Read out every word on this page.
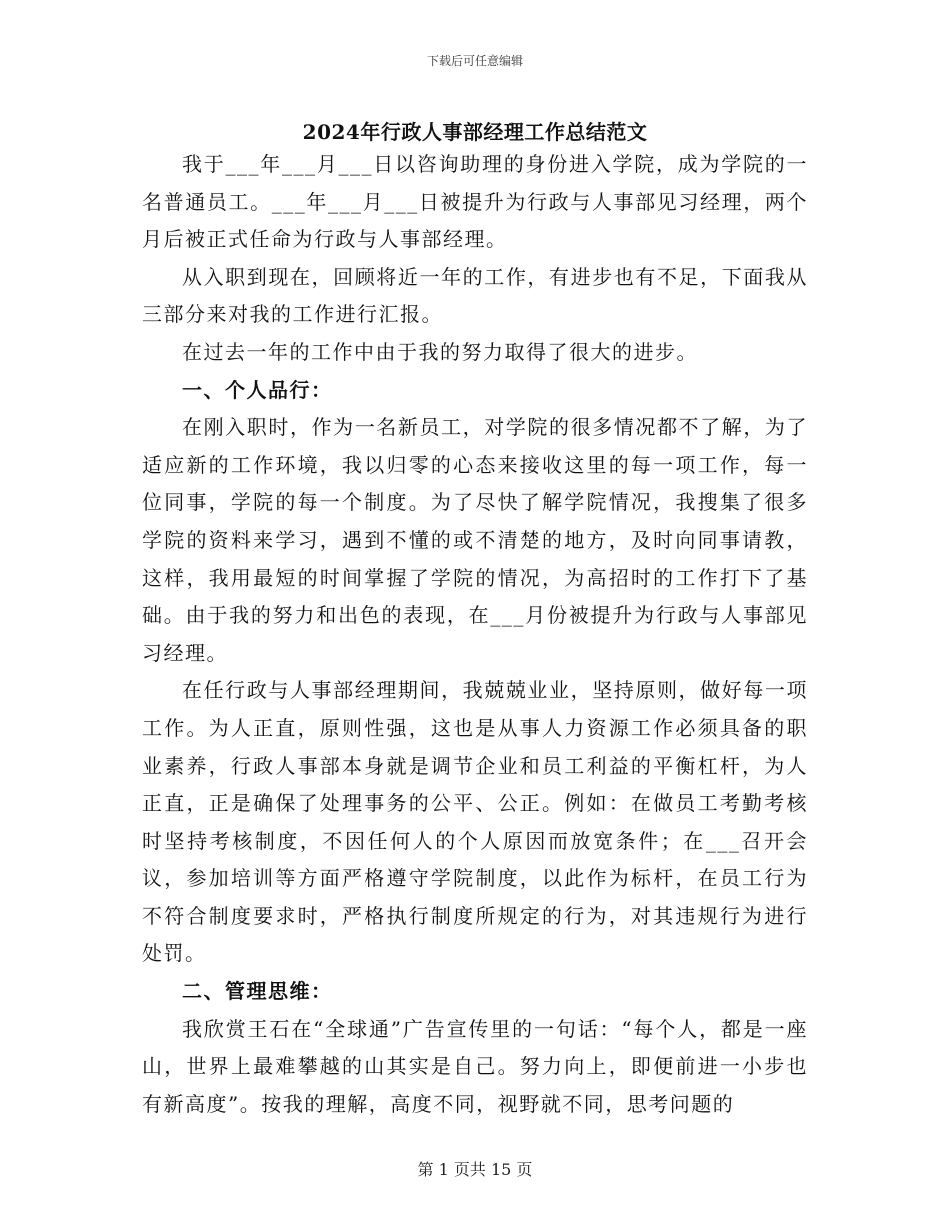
下载后可任意编辑
2024年行政人事部经理工作总结范文

我于___年___月___日以咨询助理的身份进入学院，成为学院的一名普通员工。___年___月___日被提升为行政与人事部见习经理，两个月后被正式任命为行政与人事部经理。

从入职到现在，回顾将近一年的工作，有进步也有不足，下面我从三部分来对我的工作进行汇报。

在过去一年的工作中由于我的努力取得了很大的进步。

一、个人品行：

在刚入职时，作为一名新员工，对学院的很多情况都不了解，为了适应新的工作环境，我以归零的心态来接收这里的每一项工作，每一位同事，学院的每一个制度。为了尽快了解学院情况，我搜集了很多学院的资料来学习，遇到不懂的或不清楚的地方，及时向同事请教，这样，我用最短的时间掌握了学院的情况，为高招时的工作打下了基础。由于我的努力和出色的表现，在___月份被提升为行政与人事部见习经理。

在任行政与人事部经理期间，我兢兢业业，坚持原则，做好每一项工作。为人正直，原则性强，这也是从事人力资源工作必须具备的职业素养，行政人事部本身就是调节企业和员工利益的平衡杠杆，为人正直，正是确保了处理事务的公平、公正。例如：在做员工考勤考核时坚持考核制度，不因任何人的个人原因而放宽条件；在___召开会议，参加培训等方面严格遵守学院制度，以此作为标杆，在员工行为不符合制度要求时，严格执行制度所规定的行为，对其违规行为进行处罚。

二、管理思维：

我欣赏王石在“全球通”广告宣传里的一句话：“每个人，都是一座山，世界上最难攀越的山其实是自己。努力向上，即便前进一小步也有新高度”。按我的理解，高度不同，视野就不同，思考问题的

第 1 页共 15 页
